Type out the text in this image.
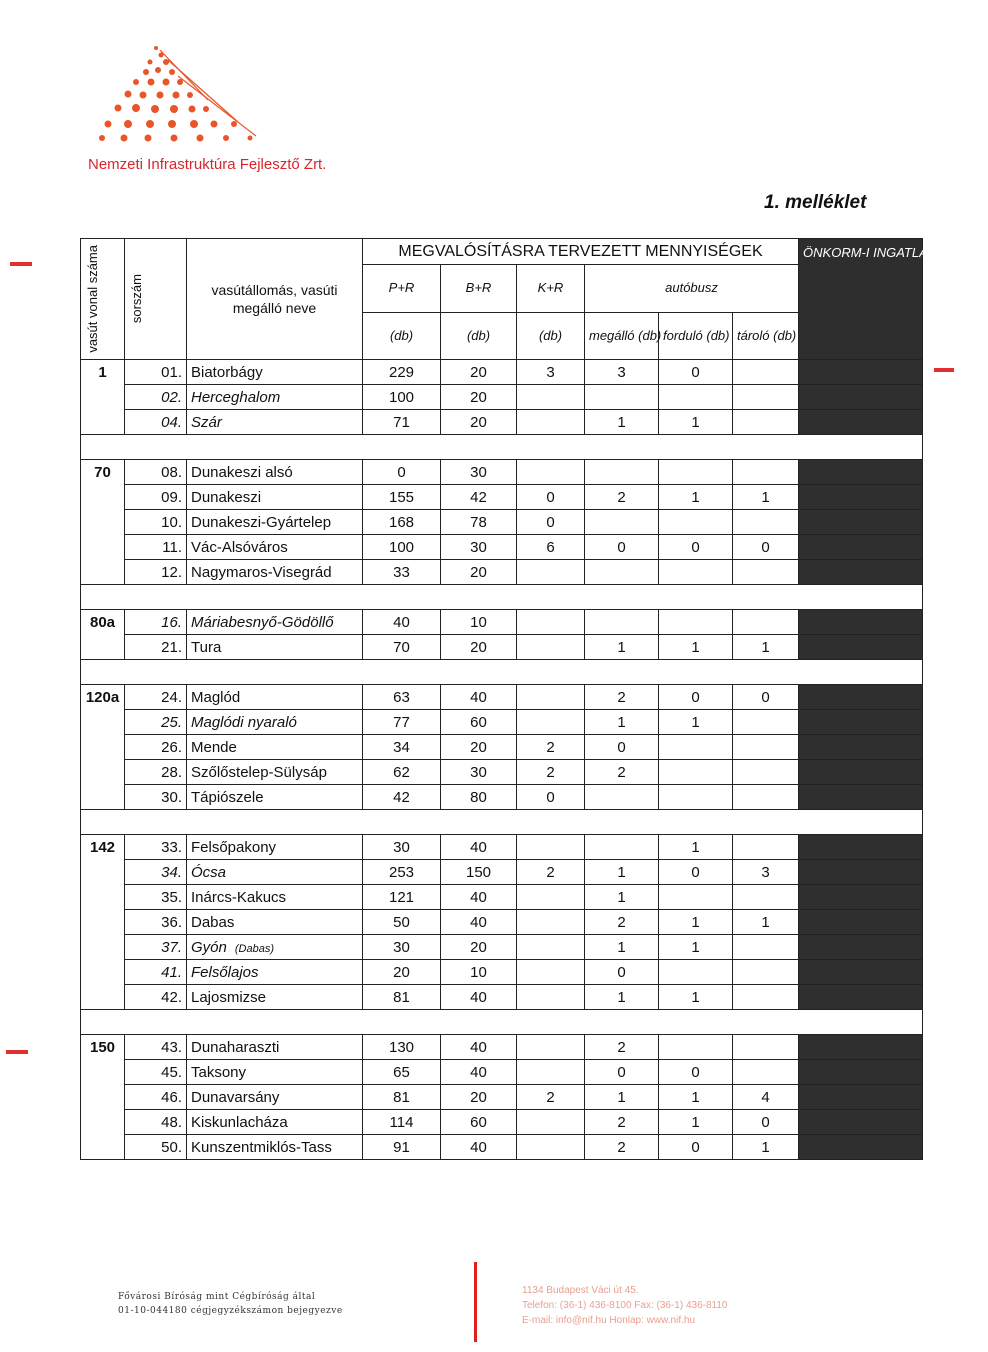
Nemzeti Infrastruktúra Fejlesztő Zrt.
1. melléklet
vasút vonal száma	sorszám	vasútállomás, vasúti megálló neve	MEGVALÓSÍTÁSRA TERVEZETT MENNYISÉGEK						ÖNKORM-I INGATLANT ÉRINT
			P+R	B+R	K+R	autóbusz			
			(db)	(db)	(db)	megálló (db)	forduló (db)	tároló (db)	
1	01.	Biatorbágy	229	20	3	3	0		
	02.	Herceghalom	100	20					
	04.	Szár	71	20		1	1		

70	08.	Dunakeszi alsó	0	30					
	09.	Dunakeszi	155	42	0	2	1	1	
	10.	Dunakeszi-Gyártelep	168	78	0				
	11.	Vác-Alsóváros	100	30	6	0	0	0	
	12.	Nagymaros-Visegrád	33	20					

80a	16.	Máriabesnyő-Gödöllő	40	10					
	21.	Tura	70	20		1	1	1	

120a	24.	Maglód	63	40		2	0	0	
	25.	Maglódi nyaraló	77	60		1	1		
	26.	Mende	34	20	2	0			
	28.	Szőlőstelep-Sülysáp	62	30	2	2			
	30.	Tápiószele	42	80	0				

142	33.	Felsőpakony	30	40			1		
	34.	Ócsa	253	150	2	1	0	3	
	35.	Inárcs-Kakucs	121	40		1			
	36.	Dabas	50	40		2	1	1	
	37.	Gyón (Dabas)	30	20		1	1		
	41.	Felsőlajos	20	10		0			
	42.	Lajosmizse	81	40		1	1		

150	43.	Dunaharaszti	130	40		2			
	45.	Taksony	65	40		0	0		
	46.	Dunavarsány	81	20	2	1	1	4	
	48.	Kiskunlacháza	114	60		2	1	0	
	50.	Kunszentmiklós-Tass	91	40		2	0	1	
Fővárosi Bíróság mint Cégbíróság által
01-10-044180 cégjegyzékszámon bejegyezve
1134 Budapest Váci út 45.
Telefon: (36-1) 436-8100 Fax: (36-1) 436-8110
E-mail: info@nif.hu Honlap: www.nif.hu
